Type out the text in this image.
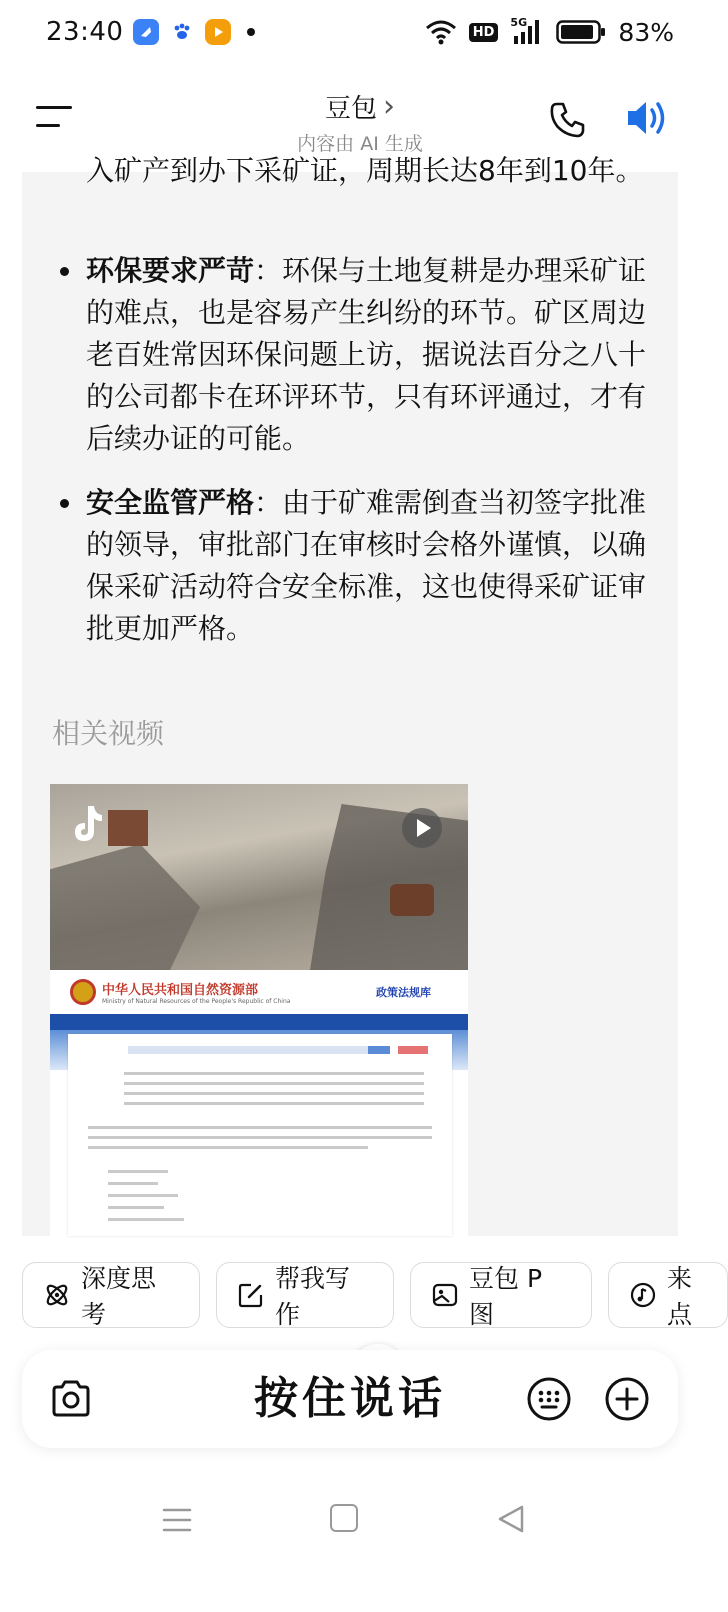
23:40	HD
5G	83%
豆包 ›
内容由 AI 生成
入矿产到办下采矿证，周期长达8年到10年。
环保要求严苛：环保与土地复耕是办理采矿证的难点，也是容易产生纠纷的环节。矿区周边老百姓常因环保问题上访，据说法百分之八十的公司都卡在环评环节，只有环评通过，才有后续办证的可能。
安全监管严格：由于矿难需倒查当初签字批准的领导，审批部门在审核时会格外谨慎，以确保采矿活动符合安全标准，这也使得采矿证审批更加严格。
相关视频
中华人民共和国自然资源部
Ministry of Natural Resources of the People's Republic of China
政策法规库
深度思考
帮我写作
豆包 P 图
来点
按住说话
